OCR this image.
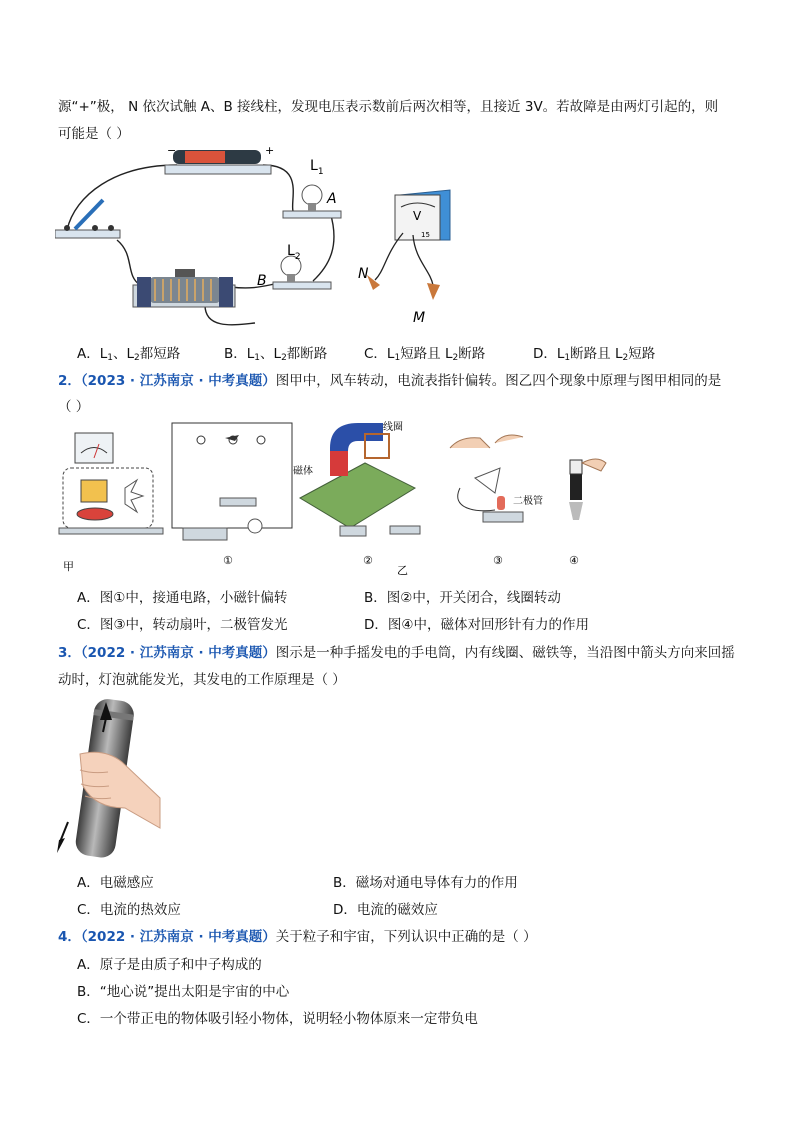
源“+”极， N 依次试触 A、B 接线柱，发现电压表示数前后两次相等，且接近 3V。若故障是由两灯引起的，则
可能是（ ）
−	+
$L_1$
A
$L_2$
B
V
15
N
M
A．$L_1$、$L_2$都短路	B．$L_1$、$L_2$都断路	C．$L_1$短路且 $L_2$断路	D．$L_1$断路且 $L_2$短路
2．（2023 · 江苏南京 · 中考真题）图甲中，风车转动，电流表指针偏转。图乙四个现象中原理与图甲相同的是
（ ）
甲	①
线圈
磁体
②
乙
二极管
③	④
A．图①中，接通电路，小磁针偏转	B．图②中，开关闭合，线圈转动
C．图③中，转动扇叶，二极管发光	D．图④中，磁体对回形针有力的作用
3．（2022 · 江苏南京 · 中考真题）图示是一种手摇发电的手电筒，内有线圈、磁铁等，当沿图中箭头方向来回摇
动时，灯泡就能发光，其发电的工作原理是（ ）
A．电磁感应	B．磁场对通电导体有力的作用
C．电流的热效应	D．电流的磁效应
4．（2022 · 江苏南京 · 中考真题）关于粒子和宇宙，下列认识中正确的是（ ）
A．原子是由质子和中子构成的
B．“地心说”提出太阳是宇宙的中心
C．一个带正电的物体吸引轻小物体，说明轻小物体原来一定带负电
